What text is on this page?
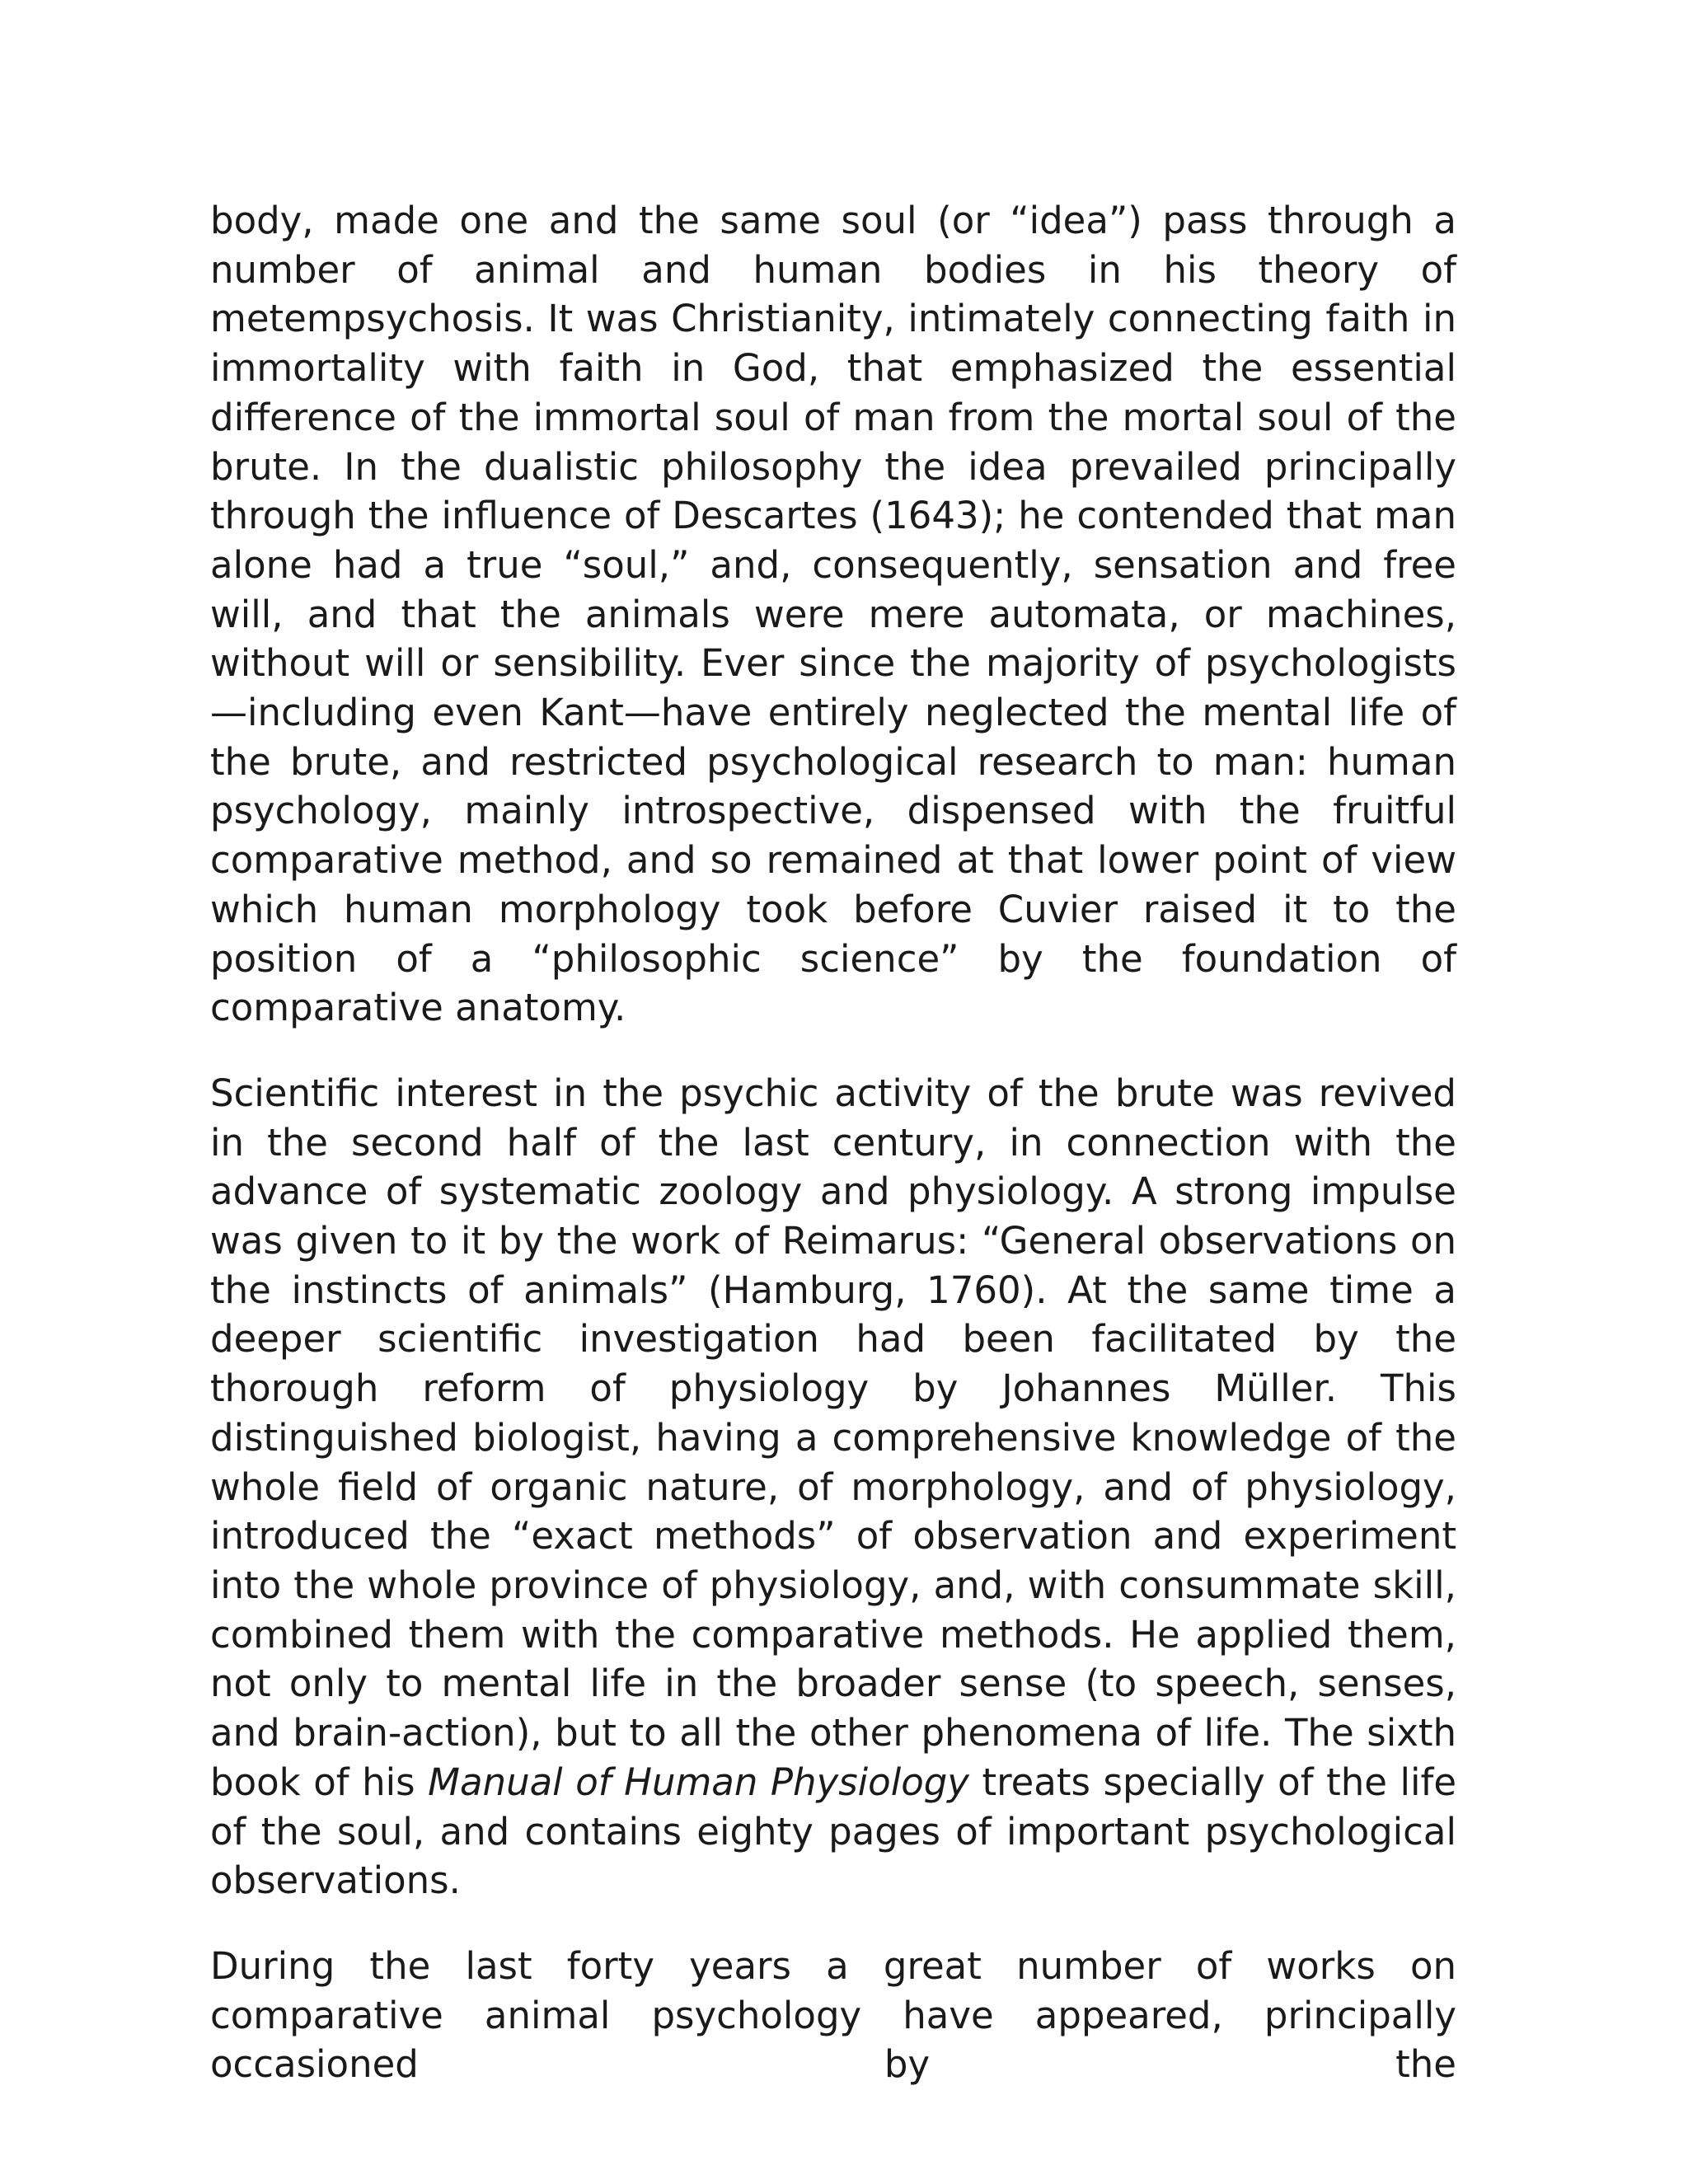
body, made one and the same soul (or “idea”) pass through a number of animal and human bodies in his theory of metempsychosis. It was Christianity, intimately connecting faith in immortality with faith in God, that emphasized the essential difference of the immortal soul of man from the mortal soul of the brute. In the dualistic philosophy the idea prevailed principally through the influence of Descartes (1643); he contended that man alone had a true “soul,” and, consequently, sensation and free will, and that the animals were mere automata, or machines, without will or sensibility. Ever since the majority of psychologists—including even Kant—have entirely neglected the mental life of the brute, and restricted psychological research to man: human psychology, mainly introspective, dispensed with the fruitful comparative method, and so remained at that lower point of view which human morphology took before Cuvier raised it to the position of a “philosophic science” by the foundation of comparative anatomy.

Scientific interest in the psychic activity of the brute was revived in the second half of the last century, in connection with the advance of systematic zoology and physiology. A strong impulse was given to it by the work of Reimarus: “General observations on the instincts of animals” (Hamburg, 1760). At the same time a deeper scientific investigation had been facilitated by the thorough reform of physiology by Johannes Müller. This distinguished biologist, having a comprehensive knowledge of the whole field of organic nature, of morphology, and of physiology, introduced the “exact methods” of observation and experiment into the whole province of physiology, and, with consummate skill, combined them with the comparative methods. He applied them, not only to mental life in the broader sense (to speech, senses, and brain-action), but to all the other phenomena of life. The sixth book of his Manual of Human Physiology treats specially of the life of the soul, and contains eighty pages of important psychological observations.

During the last forty years a great number of works on comparative animal psychology have appeared, principally occasioned by the
